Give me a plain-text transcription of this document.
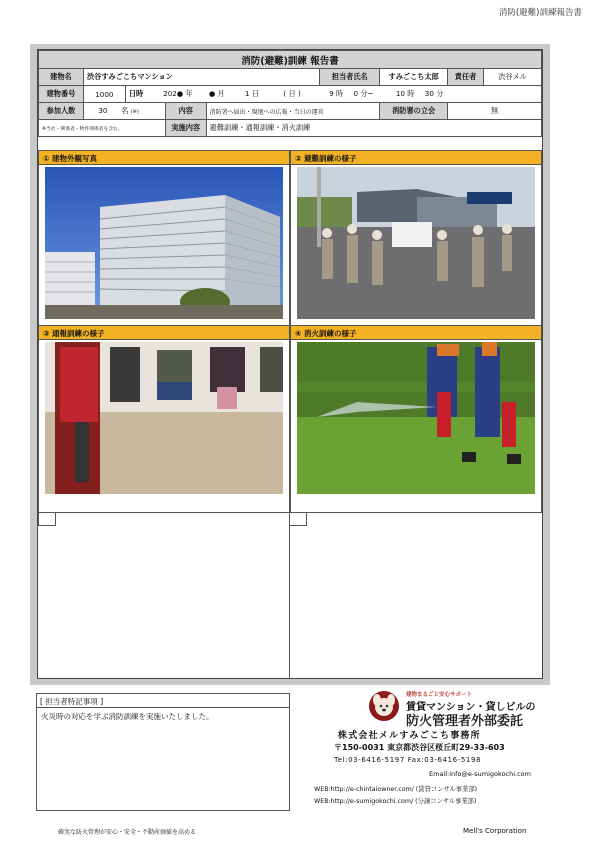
消防(避難)訓練報告書
消防(避難)訓練 報告書								
建物名	渋谷すみごこちマンション				担当者氏名	すみごこち太郎	責任者	渋谷メル
建物番号	1000	日時 202● 年 ● 月 1 日 ( 日 ) 9 時 0 分~ 10 時 30 分						
参加人数	30 名 (※)		内容	消防署へ届出・現地への広報・当日の運営		消防署の立会	無	
※当社・関係者・物件関係者を含む。			実施内容	避難訓練・通報訓練・消火訓練				
① 建物外観写真	② 避難訓練の様子
③ 通報訓練の様子	④ 消火訓練の様子
[ 担当者特記事項 ]
火災時の対応を学ぶ消防訓練を実施いたしました。
建物まるごと安心サポート
賃貸マンション・貸しビルの
防火管理者外部委託
株式会社メルすみごこち事務所
〒150-0031 東京都渋谷区桜丘町29-33-603
Tel:03-6416-5197 Fax:03-6416-5198
Email:info@e-sumigokochi.com
WEB:http://e-chintaiowner.com/ (賃貸コンサル事業部)
WEB:http://e-sumigokochi.com/ (分譲コンサル事業部)
確実な防火管理が安心・安全・不動産価値を高める	Mell's Corporation
